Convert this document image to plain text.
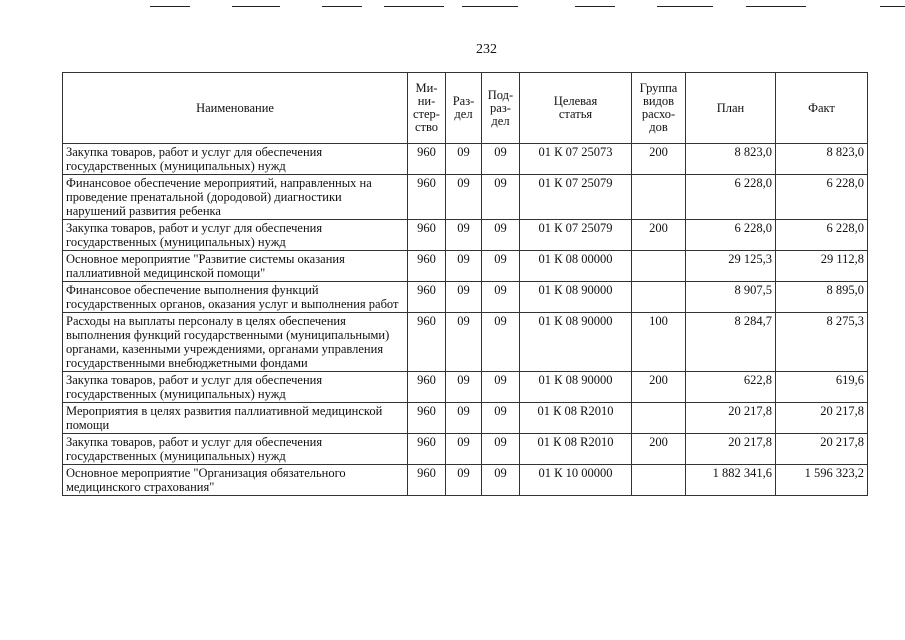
232
Наименование	Ми-
ни-
стер-
ство	Раз-
дел	Под-
раз-
дел	Целевая
статья	Группа
видов
расхо-
дов	План	Факт
Закупка товаров, работ и услуг для обеспечения государственных (муниципальных) нужд	960	09	09	01 К 07 25073	200	8 823,0	8 823,0
Финансовое обеспечение мероприятий, направленных на проведение пренатальной (дородовой) диагностики нарушений развития ребенка	960	09	09	01 К 07 25079		6 228,0	6 228,0
Закупка товаров, работ и услуг для обеспечения государственных (муниципальных) нужд	960	09	09	01 К 07 25079	200	6 228,0	6 228,0
Основное мероприятие "Развитие системы оказания паллиативной медицинской помощи"	960	09	09	01 К 08 00000		29 125,3	29 112,8
Финансовое обеспечение выполнения функций государственных органов, оказания услуг и выполнения работ	960	09	09	01 К 08 90000		8 907,5	8 895,0
Расходы на выплаты персоналу в целях обеспечения выполнения функций государственными (муниципальными) органами, казенными учреждениями, органами управления государственными внебюджетными фондами	960	09	09	01 К 08 90000	100	8 284,7	8 275,3
Закупка товаров, работ и услуг для обеспечения государственных (муниципальных) нужд	960	09	09	01 К 08 90000	200	622,8	619,6
Мероприятия в целях развития паллиативной медицинской помощи	960	09	09	01 К 08 R2010		20 217,8	20 217,8
Закупка товаров, работ и услуг для обеспечения государственных (муниципальных) нужд	960	09	09	01 К 08 R2010	200	20 217,8	20 217,8
Основное мероприятие "Организация обязательного медицинского страхования"	960	09	09	01 К 10 00000		1 882 341,6	1 596 323,2
